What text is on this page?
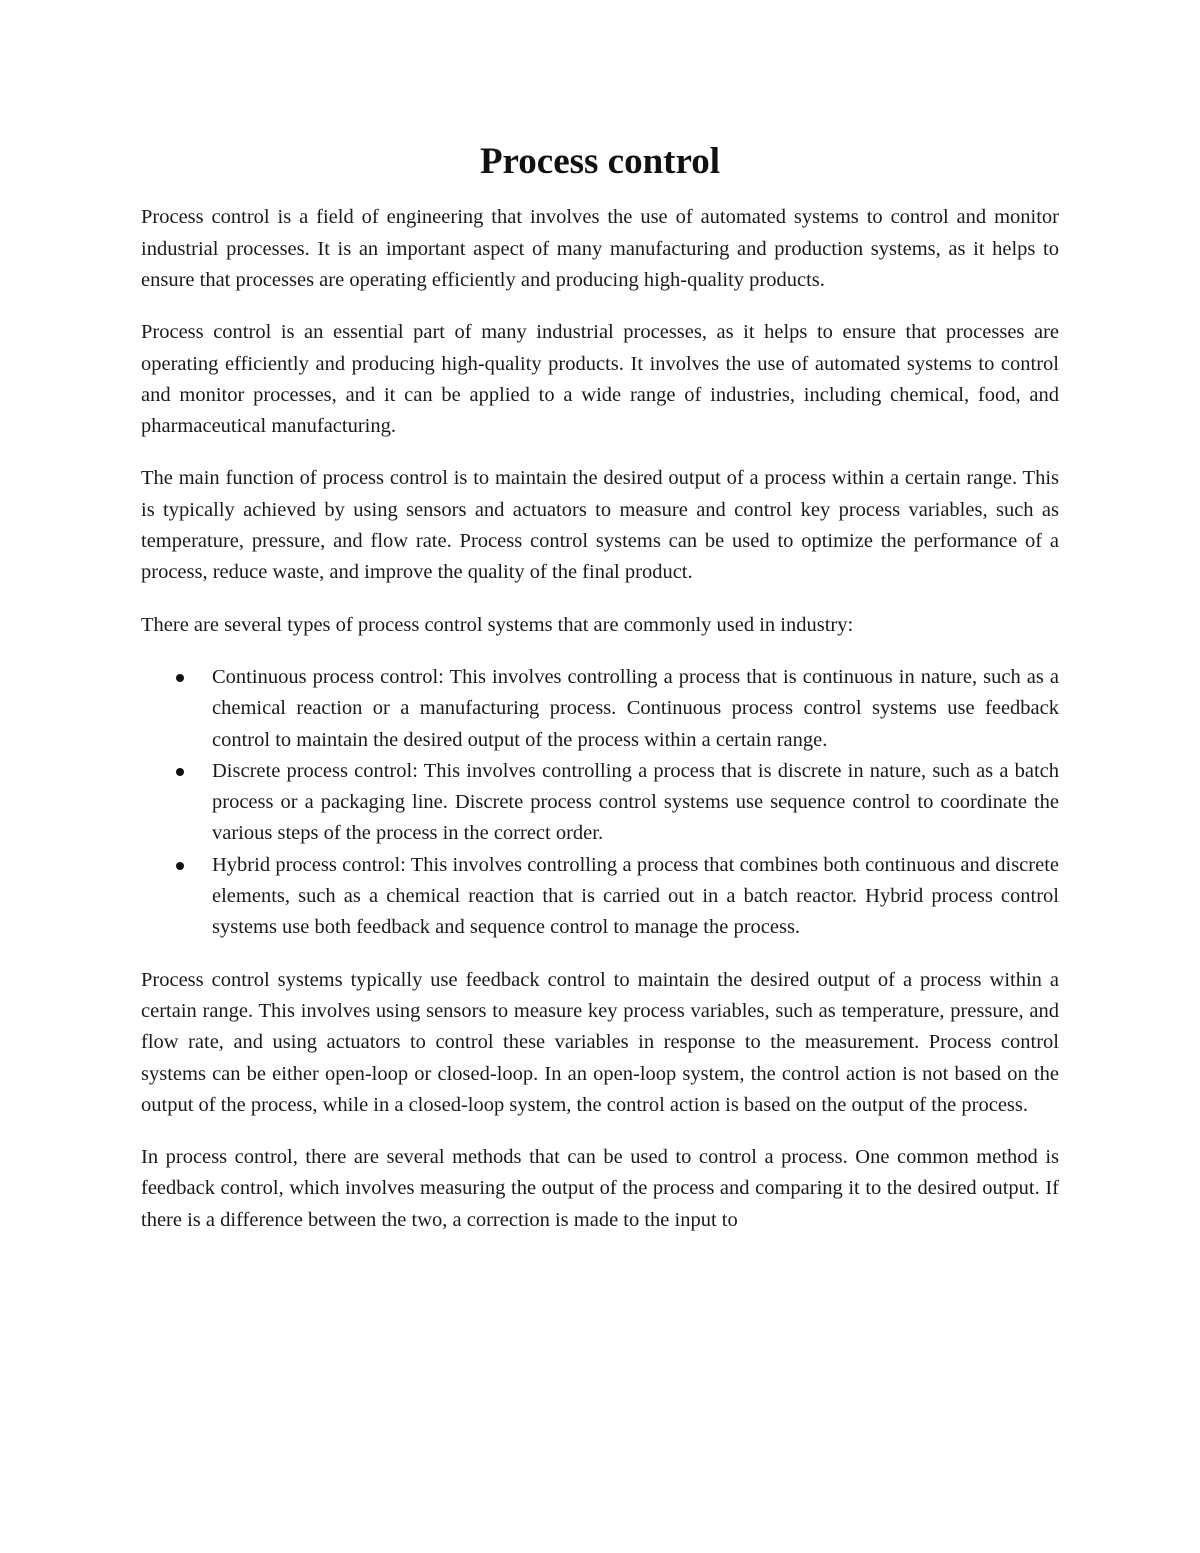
Process control

Process control is a field of engineering that involves the use of automated systems to control and monitor industrial processes. It is an important aspect of many manufacturing and production systems, as it helps to ensure that processes are operating efficiently and producing high-quality products.

Process control is an essential part of many industrial processes, as it helps to ensure that processes are operating efficiently and producing high-quality products. It involves the use of automated systems to control and monitor processes, and it can be applied to a wide range of industries, including chemical, food, and pharmaceutical manufacturing.

The main function of process control is to maintain the desired output of a process within a certain range. This is typically achieved by using sensors and actuators to measure and control key process variables, such as temperature, pressure, and flow rate. Process control systems can be used to optimize the performance of a process, reduce waste, and improve the quality of the final product.

There are several types of process control systems that are commonly used in industry:

Continuous process control: This involves controlling a process that is continuous in nature, such as a chemical reaction or a manufacturing process. Continuous process control systems use feedback control to maintain the desired output of the process within a certain range.
Discrete process control: This involves controlling a process that is discrete in nature, such as a batch process or a packaging line. Discrete process control systems use sequence control to coordinate the various steps of the process in the correct order.
Hybrid process control: This involves controlling a process that combines both continuous and discrete elements, such as a chemical reaction that is carried out in a batch reactor. Hybrid process control systems use both feedback and sequence control to manage the process.

Process control systems typically use feedback control to maintain the desired output of a process within a certain range. This involves using sensors to measure key process variables, such as temperature, pressure, and flow rate, and using actuators to control these variables in response to the measurement. Process control systems can be either open-loop or closed-loop. In an open-loop system, the control action is not based on the output of the process, while in a closed-loop system, the control action is based on the output of the process.

In process control, there are several methods that can be used to control a process. One common method is feedback control, which involves measuring the output of the process and comparing it to the desired output. If there is a difference between the two, a correction is made to the input to
